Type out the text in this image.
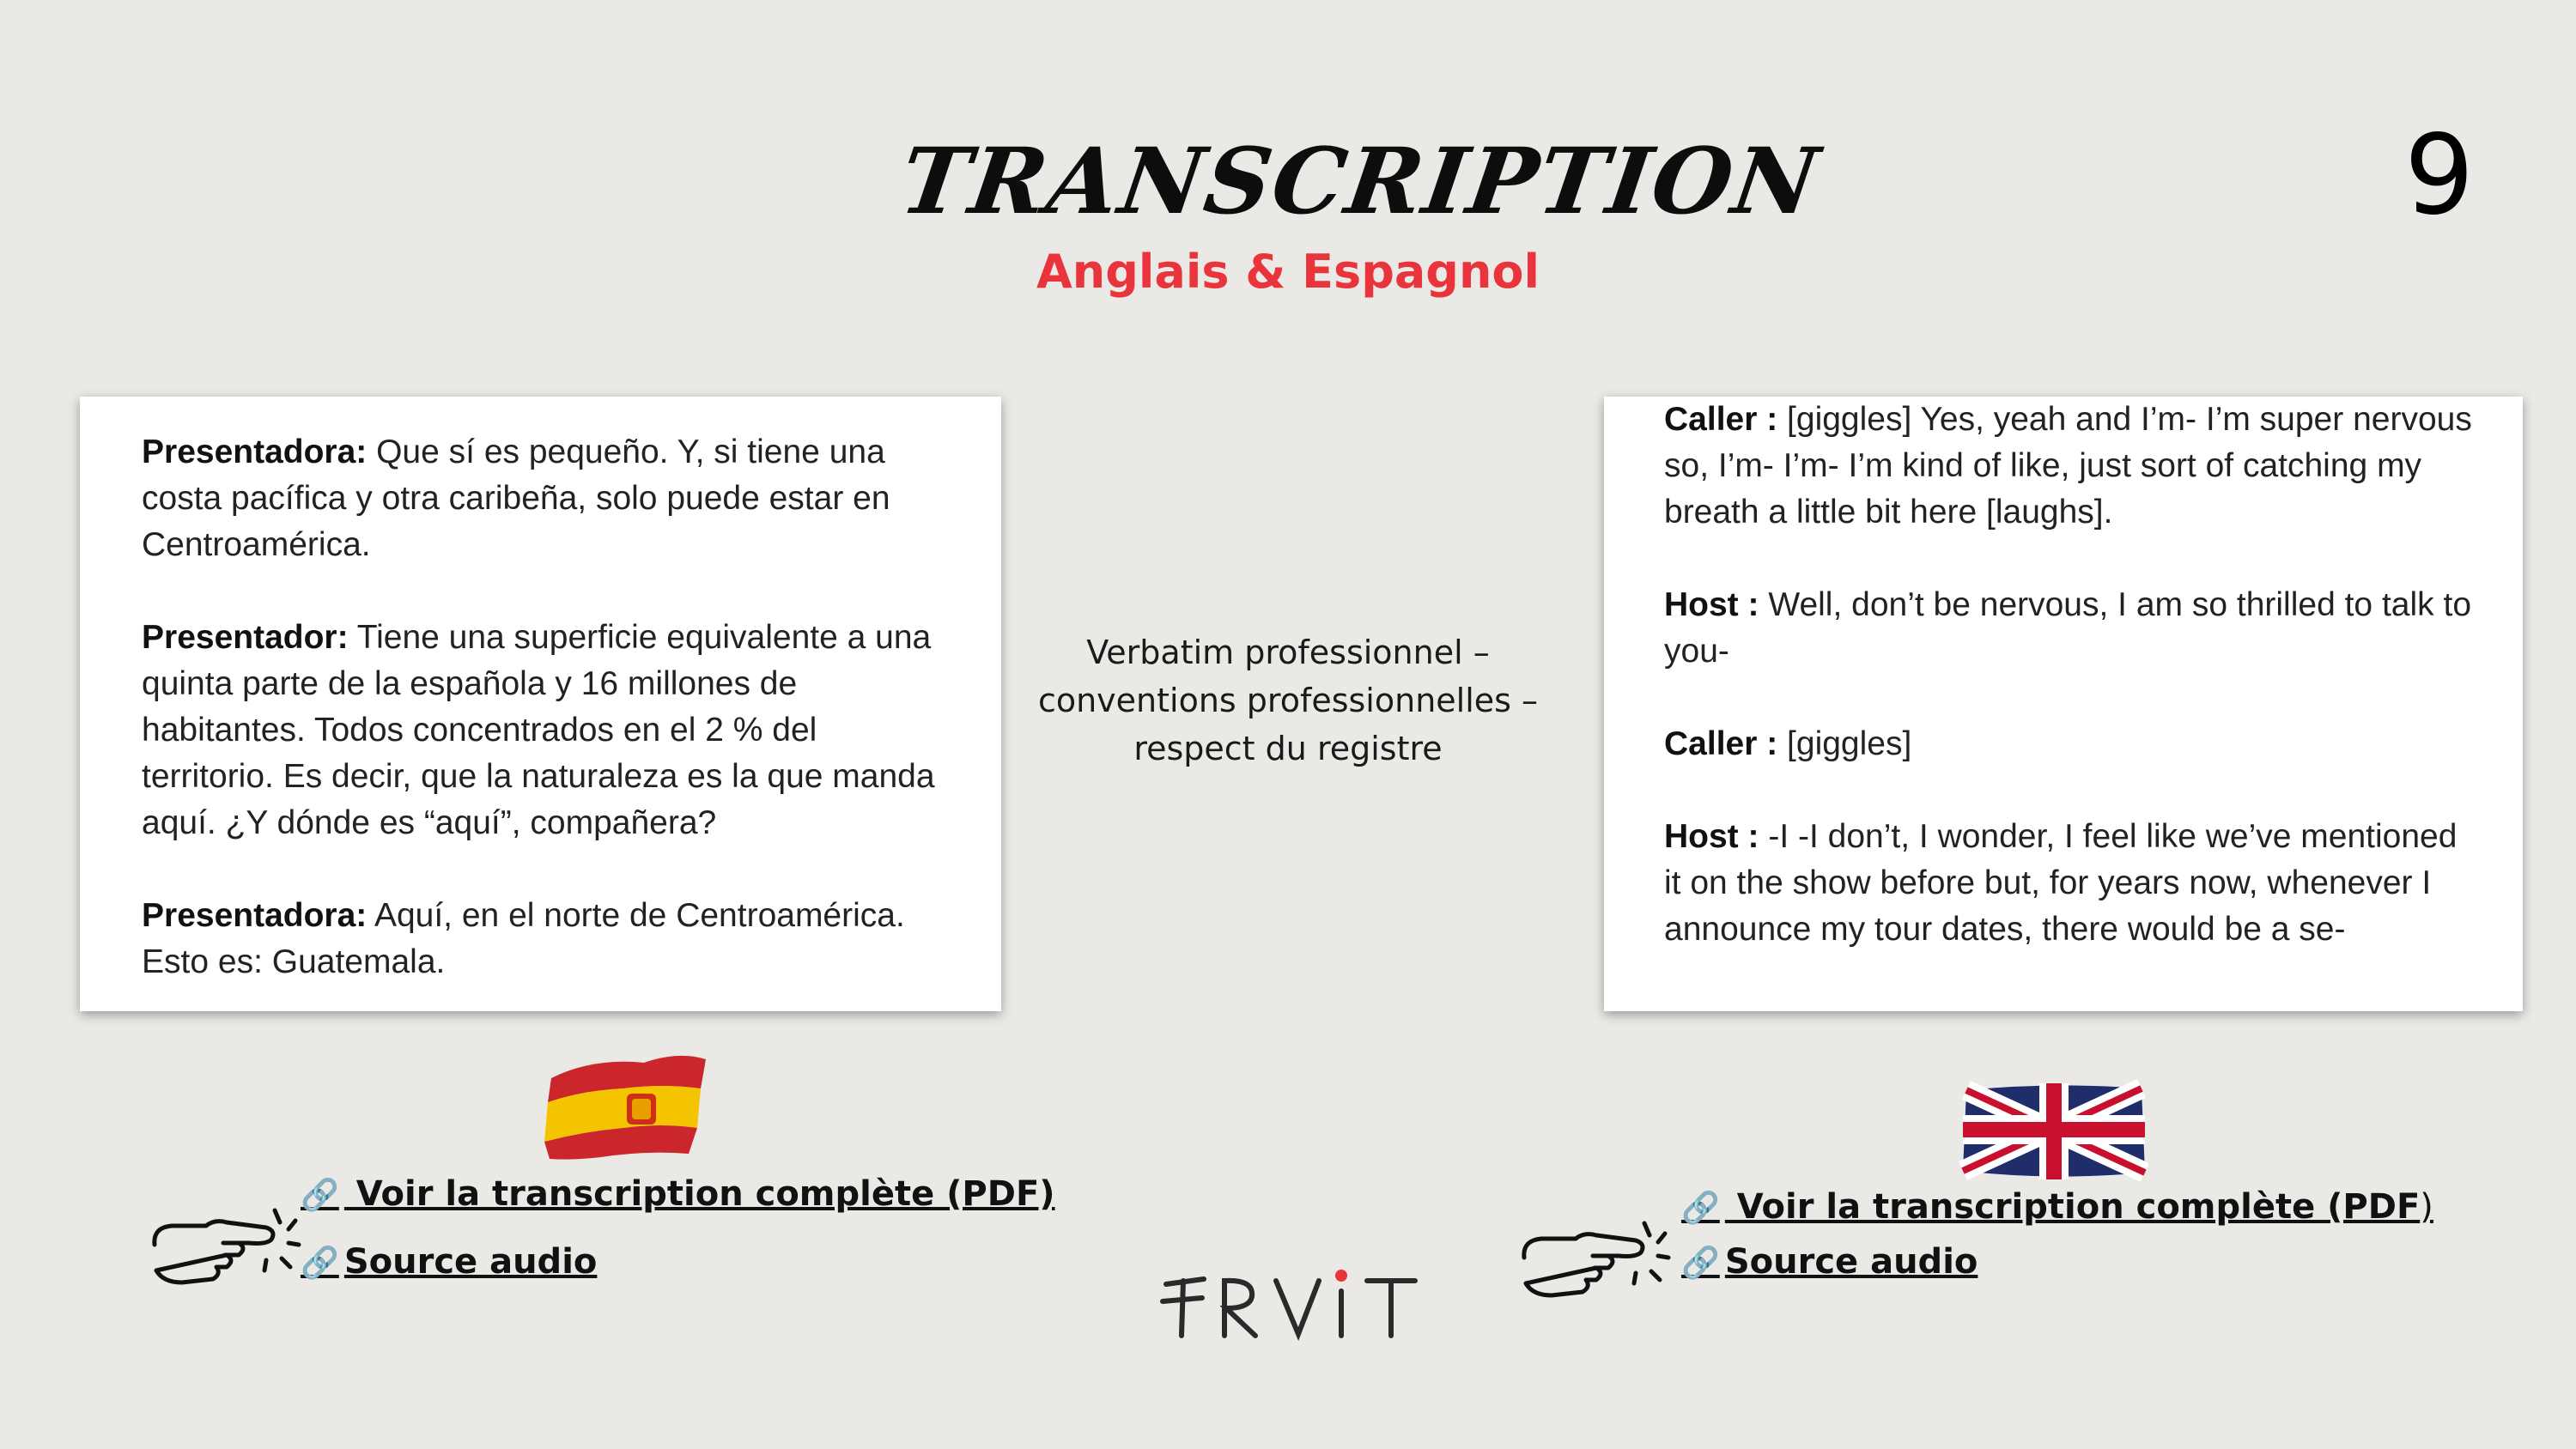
TRANSCRIPTION
Anglais & Espagnol
9

Presentadora: Que sí es pequeño. Y, si tiene una costa pacífica y otra caribeña, solo puede estar en Centroamérica.

Presentador: Tiene una superficie equivalente a una quinta parte de la española y 16 millones de habitantes. Todos concentrados en el 2 % del territorio. Es decir, que la naturaleza es la que manda aquí. ¿Y dónde es “aquí”, compañera?

Presentadora: Aquí, en el norte de Centroamérica. Esto es: Guatemala.

Verbatim professionnel –
conventions professionnelles –
respect du registre

Caller : [giggles] Yes, yeah and I’m- I’m super nervous so, I’m- I’m- I’m kind of like, just sort of catching my breath a little bit here [laughs].

Host : Well, don’t be nervous, I am so thrilled to talk to you-

Caller : [giggles]

Host : -I -I don’t, I wonder, I feel like we’ve mentioned it on the show before but, for years now, whenever I announce my tour dates, there would be a se-

🔗 Voir la transcription complète (PDF)
🔗 Source audio
🔗 Voir la transcription complète (PDF)
🔗 Source audio
